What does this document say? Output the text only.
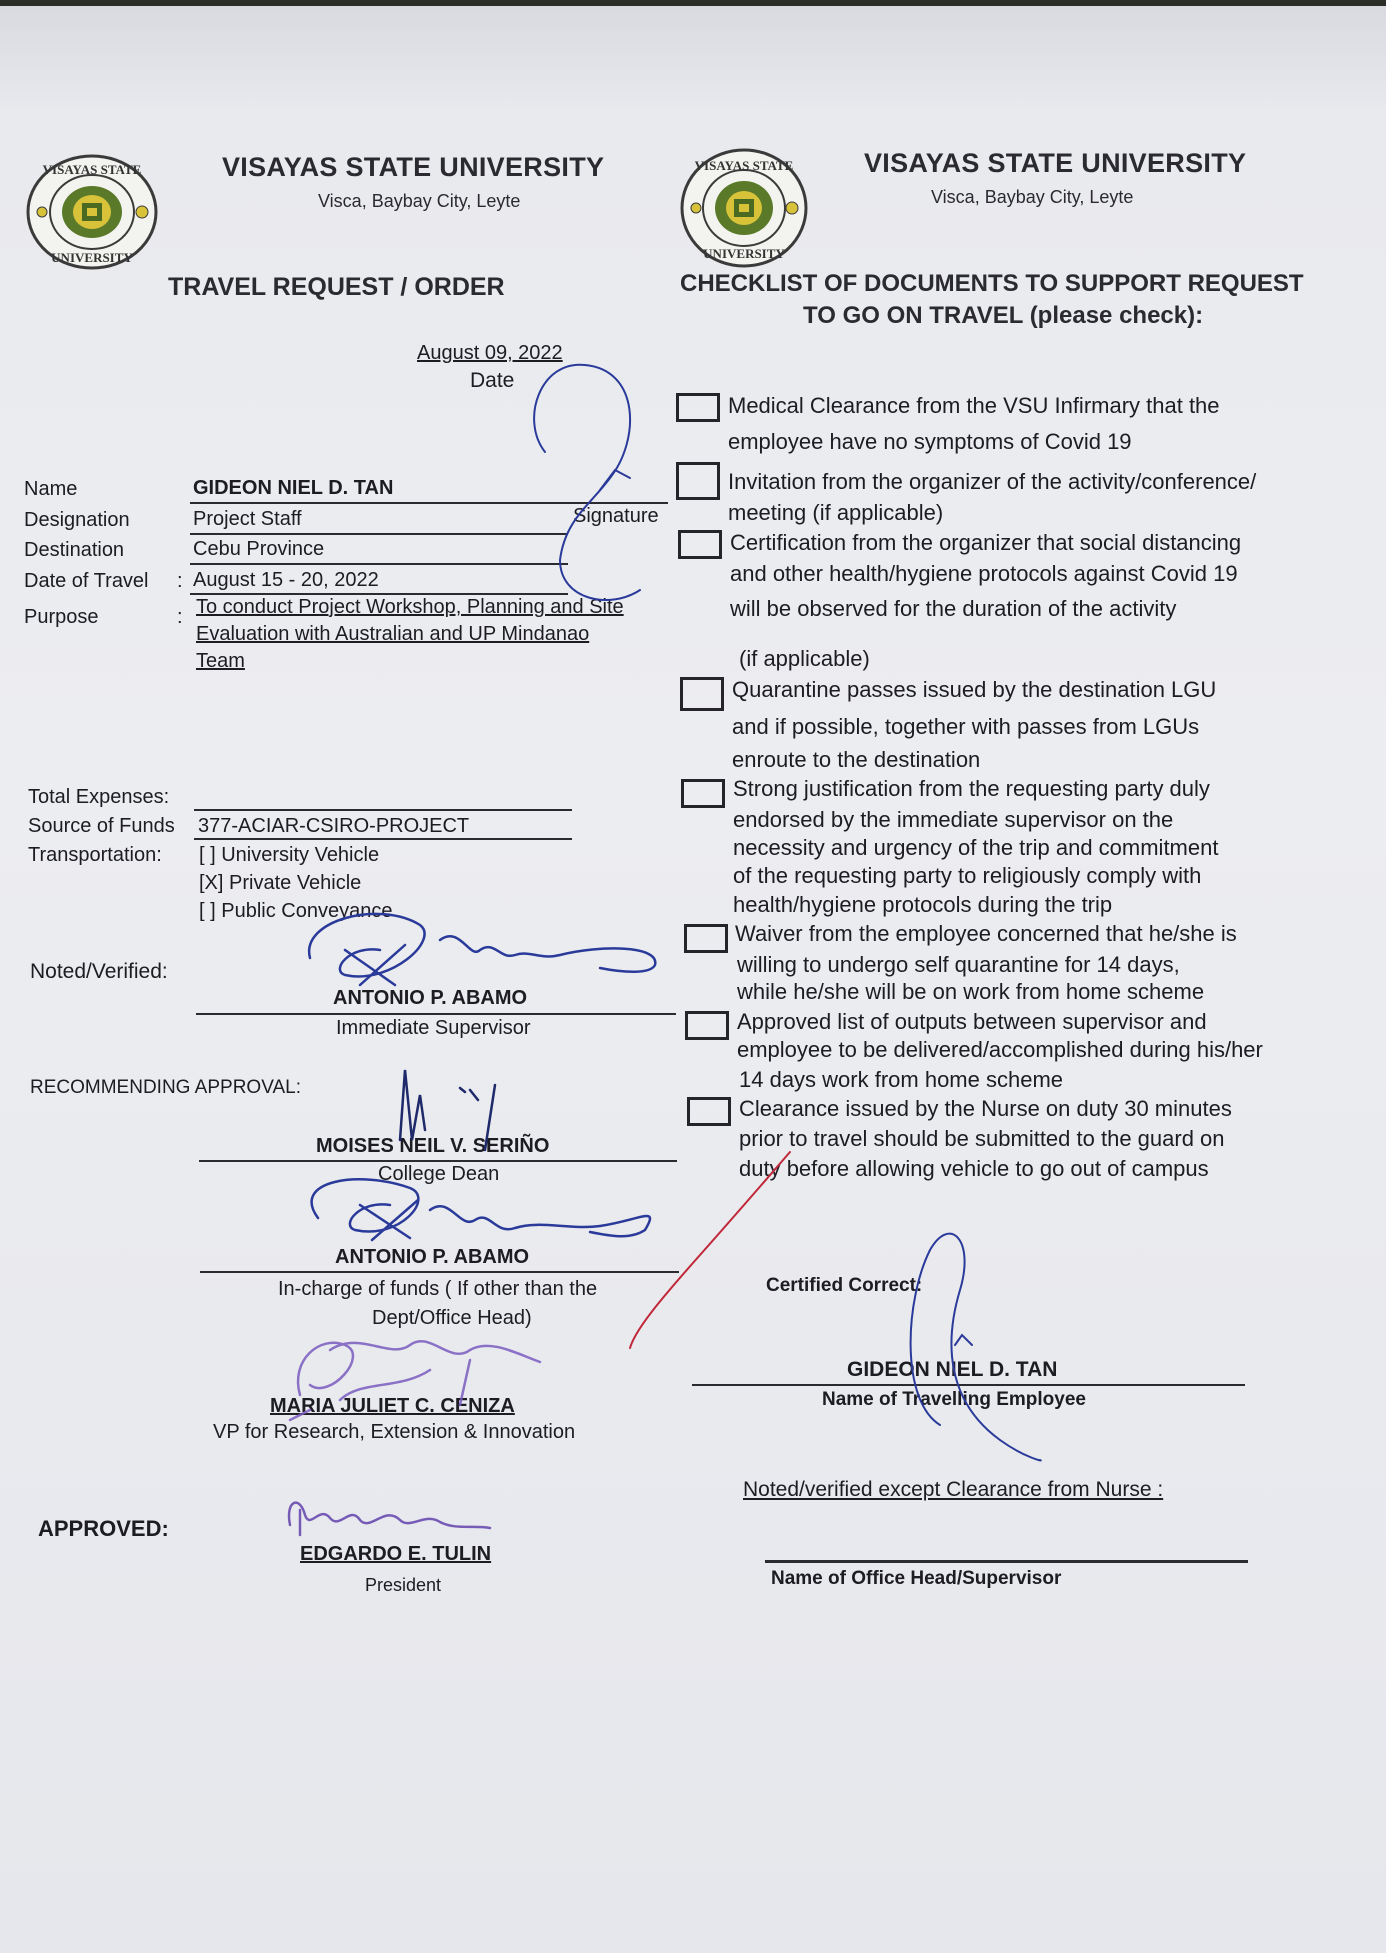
VISAYAS STATE
UNIVERSITY
VISAYAS STATE UNIVERSITY
Visca, Baybay City, Leyte
TRAVEL REQUEST / ORDER
VISAYAS STATE
UNIVERSITY
VISAYAS STATE UNIVERSITY
Visca, Baybay City, Leyte
CHECKLIST OF DOCUMENTS TO SUPPORT REQUEST
TO GO ON TRAVEL (please check):
August 09, 2022
Date
Name	GIDEON NIEL D. TAN
Signature
Designation	Project Staff
Destination	Cebu Province
Date of Travel : August 15 - 20, 2022
Purpose	: To conduct Project Workshop, Planning and Site
Evaluation with Australian and UP Mindanao
Team
Total Expenses:
Source of Funds 377-ACIAR-CSIRO-PROJECT
Transportation: [ ] University Vehicle
[X] Private Vehicle
[ ] Public Conveyance
Noted/Verified:
ANTONIO P. ABAMO
Immediate Supervisor
RECOMMENDING APPROVAL:
MOISES NEIL V. SERIÑO
College Dean
ANTONIO P. ABAMO
In-charge of funds ( If other than the
Dept/Office Head)
MARIA JULIET C. CENIZA
VP for Research, Extension & Innovation
APPROVED:
EDGARDO E. TULIN
President
Medical Clearance from the VSU Infirmary that the
employee have no symptoms of Covid 19
Invitation from the organizer of the activity/conference/
meeting (if applicable)
Certification from the organizer that social distancing
and other health/hygiene protocols against Covid 19
will be observed for the duration of the activity
(if applicable)
Quarantine passes issued by the destination LGU
and if possible, together with passes from LGUs
enroute to the destination
Strong justification from the requesting party duly
endorsed by the immediate supervisor on the
necessity and urgency of the trip and commitment
of the requesting party to religiously comply with
health/hygiene protocols during the trip
Waiver from the employee concerned that he/she is
willing to undergo self quarantine for 14 days,
while he/she will be on work from home scheme
Approved list of outputs between supervisor and
employee to be delivered/accomplished during his/her
14 days work from home scheme
Clearance issued by the Nurse on duty 30 minutes
prior to travel should be submitted to the guard on
duty before allowing vehicle to go out of campus
Certified Correct:
GIDEON NIEL D. TAN
Name of Travelling Employee
Noted/verified except Clearance from Nurse :
Name of Office Head/Supervisor
